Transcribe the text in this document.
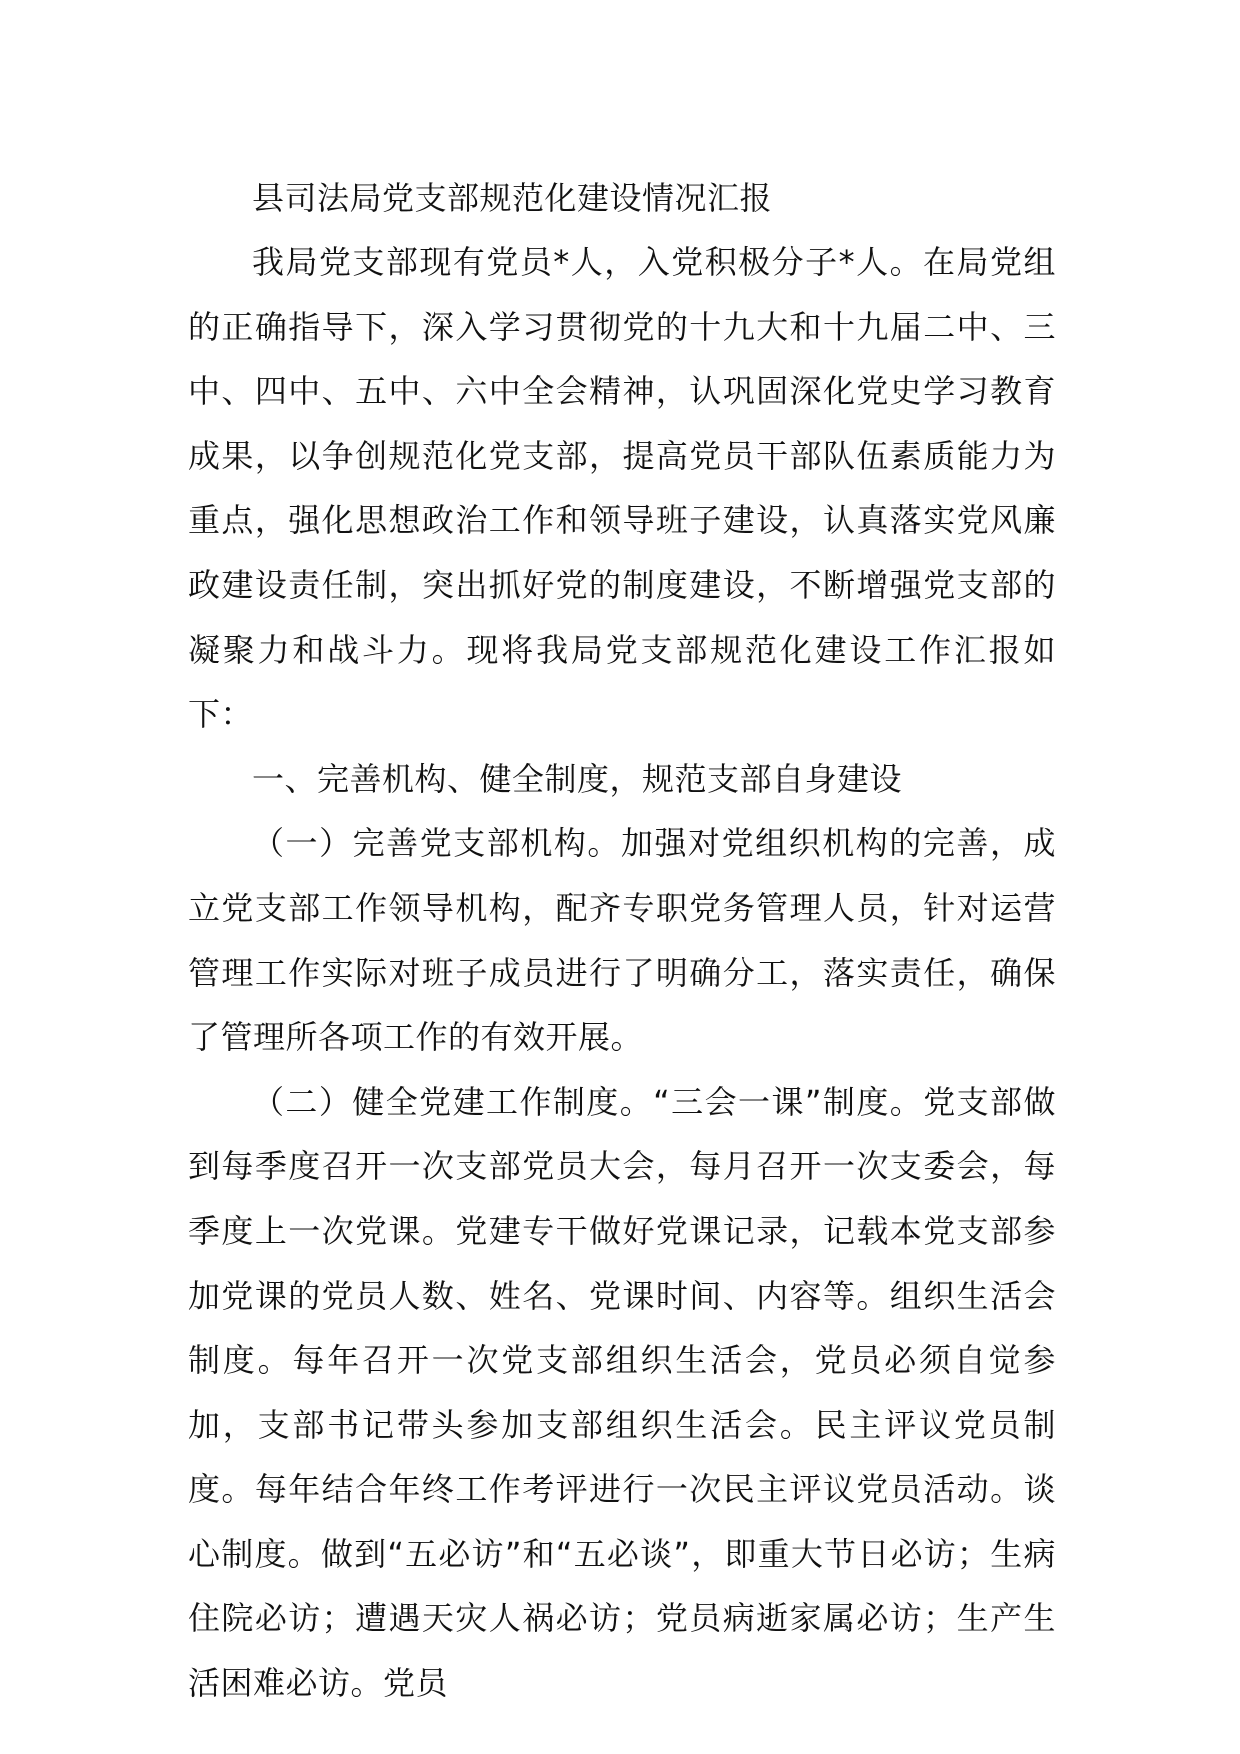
县司法局党支部规范化建设情况汇报

我局党支部现有党员*人，入党积极分子*人。在局党组的正确指导下，深入学习贯彻党的十九大和十九届二中、三中、四中、五中、六中全会精神，认巩固深化党史学习教育成果，以争创规范化党支部，提高党员干部队伍素质能力为重点，强化思想政治工作和领导班子建设，认真落实党风廉政建设责任制，突出抓好党的制度建设，不断增强党支部的凝聚力和战斗力。现将我局党支部规范化建设工作汇报如下：

一、完善机构、健全制度，规范支部自身建设

（一）完善党支部机构。加强对党组织机构的完善，成立党支部工作领导机构，配齐专职党务管理人员，针对运营管理工作实际对班子成员进行了明确分工，落实责任，确保了管理所各项工作的有效开展。

（二）健全党建工作制度。“三会一课”制度。党支部做到每季度召开一次支部党员大会，每月召开一次支委会，每季度上一次党课。党建专干做好党课记录，记载本党支部参加党课的党员人数、姓名、党课时间、内容等。组织生活会制度。每年召开一次党支部组织生活会，党员必须自觉参加，支部书记带头参加支部组织生活会。民主评议党员制度。每年结合年终工作考评进行一次民主评议党员活动。谈心制度。做到“五必访”和“五必谈”，即重大节日必访；生病住院必访；遭遇天灾人祸必访；党员病逝家属必访；生产生活困难必访。党员
